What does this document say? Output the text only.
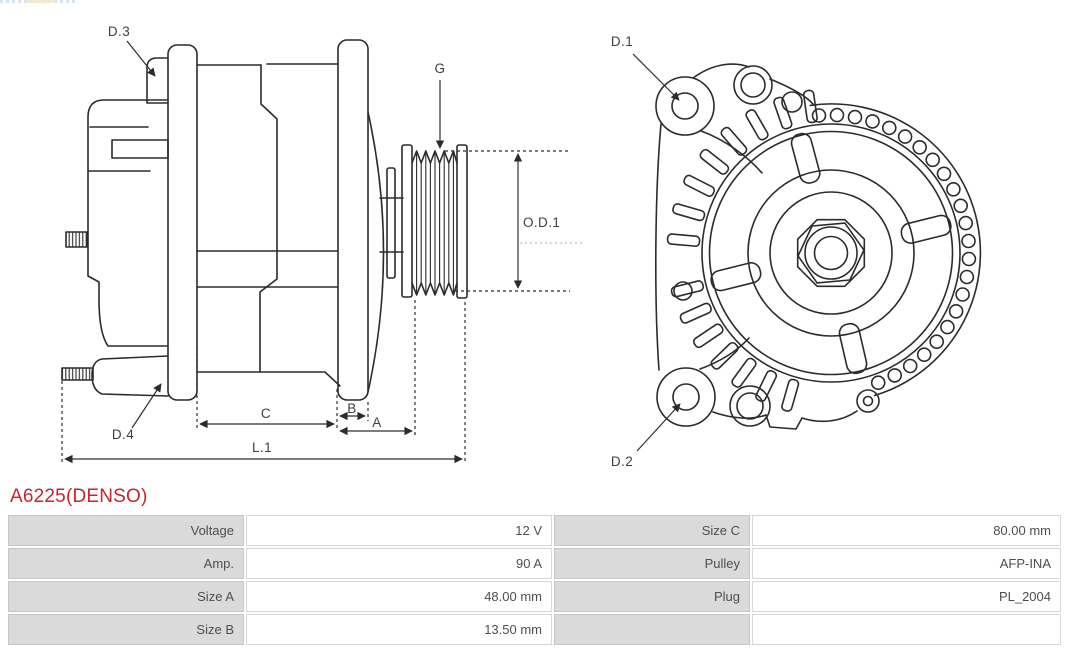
D.3
G
O.D.1
D.4
C	B
A
L.1
D.1
D.2
A6225(DENSO)
Voltage	12 V	Size C	80.00 mm
Amp.	90 A	Pulley	AFP-INA
Size A	48.00 mm	Plug	PL_2004
Size B	13.50 mm
